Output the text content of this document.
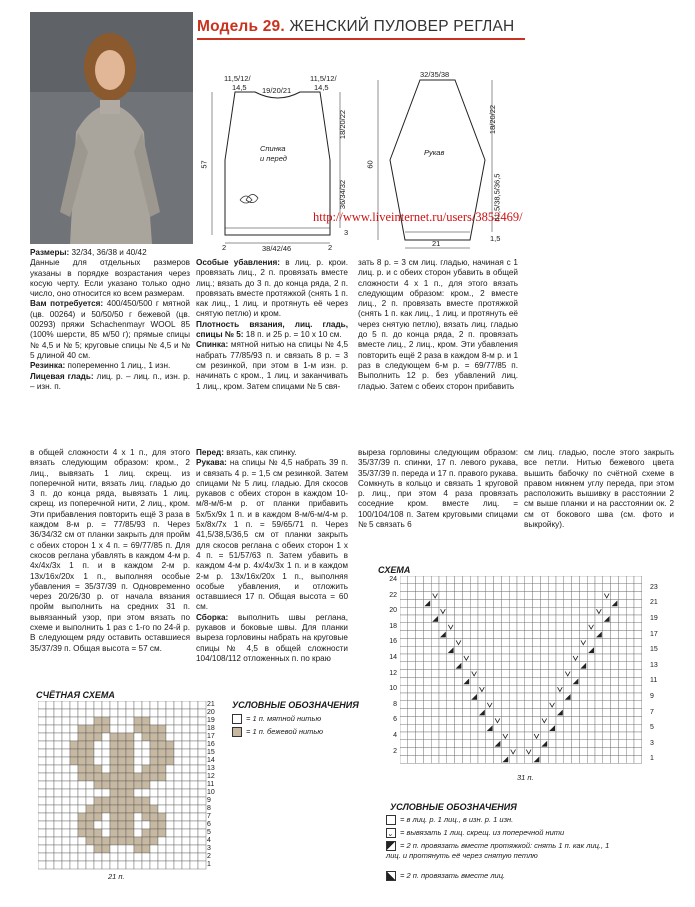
Модель 29. ЖЕНСКИЙ ПУЛОВЕР РЕГЛАН
11,5/12/
14,5 19/20/21
11,5/12/
14,5
Спинка
и перед
57
18/20/22
36/34/32
3
38/42/46
2	2
32/35/38
18/20/22
Рукав
60
41,5/38,5/36,5
1,5
21
http://www.liveinternet.ru/users/3852469/
Размеры: 32/34, 36/38 и 40/42
Данные для отдельных размеров указаны в порядке возрастания через косую черту. Если указано только одно число, оно относится ко всем размерам.
Вам потребуется: 400/450/500 г мятной (цв. 00264) и 50/50/50 г бежевой (цв. 00293) пряжи Schachenmayr WOOL 85 (100% шерсти, 85 м/50 г); прямые спицы № 4,5 и № 5; круговые спицы № 4,5 и № 5 длиной 40 см.
Резинка: попеременно 1 лиц., 1 изн.
Лицевая гладь: лиц. р. – лиц. п., изн. р. – изн. п.
Особые убавления: в лиц. р. крои. провязать лиц., 2 п. провязать вместе лиц.; вязать до 3 п. до конца ряда, 2 п. провязать вместе протяжкой (снять 1 п. как лиц., 1 лиц. и протянуть её через снятую петлю) и кром.
Плотность вязания, лиц. гладь, спицы № 5: 18 п. и 25 р. = 10 х 10 см.
Спинка: мятной нитью на спицы № 4,5 набрать 77/85/93 п. и связать 8 р. = 3 см резинкой, при этом в 1-м изн. р. начинать с кром., 1 лиц. и заканчивать 1 лиц., кром. Затем спицами № 5 свя-
зать 8 р. = 3 см лиц. гладью, начиная с 1 лиц. р. и с обеих сторон убавить в общей сложности 4 х 1 п., для этого вязать следующим образом: кром., 2 вместе лиц., 2 п. провязать вместе протяжкой (снять 1 п. как лиц., 1 лиц. и протянуть её через снятую петлю), вязать лиц. гладью до 5 п. до конца ряда, 2 п. провязать вместе лиц., 2 лиц., кром. Эти убавления повторить ещё 2 раза в каждом 8-м р. и 1 раз в следующем 6-м р. = 69/77/85 п. Выполнить 12 р. без убавлений лиц. гладью. Затем с обеих сторон прибавить
в общей сложности 4 х 1 п., для этого вязать следующим образом: кром., 2 лиц., вывязать 1 лиц. скрещ. из поперечной нити, вязать лиц. гладью до 3 п. до конца ряда, вывязать 1 лиц. скрещ. из поперечной нити, 2 лиц., кром. Эти прибавления повторить ещё 3 раза в каждом 8-м р. = 77/85/93 п. Через 36/34/32 см от планки закрыть для пройм с обеих сторон 1 х 4 п. = 69/77/85 п. Для скосов реглана убавлять в каждом 4-м р. 4х/4х/3х 1 п. и в каждом 2-м р. 13х/16х/20х 1 п., выполняя особые убавления = 35/37/39 п. Одновременно через 20/26/30 р. от начала вязания пройм выполнить на средних 31 п. вывязанный узор, при этом вязать по схеме и выполнить 1 раз с 1-го по 24-й р. В следующем ряду оставить оставшиеся 35/37/39 п. Общая высота = 57 см.
Перед: вязать, как спинку.
Рукава: на спицы № 4,5 набрать 39 п. и связать 4 р. = 1,5 см резинкой. Затем спицами № 5 лиц. гладью. Для скосов рукавов с обеих сторон в каждом 10-м/8-м/6-м р. от планки прибавить 5х/5х/9х 1 п. и в каждом 8-м/6-м/4-м р. 5х/8х/7х 1 п. = 59/65/71 п. Через 41,5/38,5/36,5 см от планки закрыть для скосов реглана с обеих сторон 1 х 4 п. = 51/57/63 п. Затем убавить в каждом 4-м р. 4х/4х/3х 1 п. и в каждом 2-м р. 13х/16х/20х 1 п., выполняя особые убавления, и отложить оставшиеся 17 п. Общая высота = 60 см.
Сборка: выполнить швы реглана, рукавов и боковые швы. Для планки выреза горловины набрать на круговые спицы № 4,5 в общей сложности 104/108/112 отложенных п. по краю
выреза горловины следующим образом: 35/37/39 п. спинки, 17 п. левого рукава, 35/37/39 п. переда и 17 п. правого рукава. Сомкнуть в кольцо и связать 1 круговой р. лиц., при этом 4 раза провязать соседние кром. вместе лиц. = 100/104/108 п. Затем круговыми спицами № 5 связать 6
см лиц. гладью, после этого закрыть все петли. Нитью бежевого цвета вышить бабочку по счётной схеме в правом нижнем углу переда, при этом расположить вышивку в расстоянии 2 см выше планки и на расстоянии ок. 2 см от бокового шва (см. фото и выкройку).
СЧЁТНАЯ СХЕМА
21 п.
21
20
19
18
17
16
15
14
13
12
11
10
9
8
7
6
5
4
3
2
1
УСЛОВНЫЕ ОБОЗНАЧЕНИЯ
= 1 п. мятной нитью
= 1 п. бежевой нитью
СХЕМА
24
22
20
18
16
14
12
10
8
6
4
2
23
21
19
17
15
13
11
9
7
5
3
1
31 п.
УСЛОВНЫЕ ОБОЗНАЧЕНИЯ
= в лиц. р. 1 лиц., в изн. р. 1 изн.
⌄ = вывязать 1 лиц. скрещ. из поперечной нити
= 2 п. провязать вместе протяжкой: снять 1 п. как лиц., 1 лиц. и протянуть её через снятую петлю
= 2 п. провязать вместе лиц.
